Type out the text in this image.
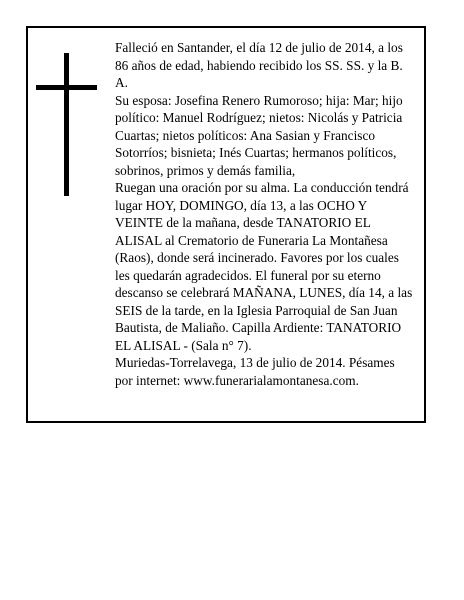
Falleció en Santander, el día 12 de julio de 2014, a los 86 años de edad, habiendo recibido los SS. SS. y la B. A.

Su esposa: Josefina Renero Rumoroso; hija: Mar; hijo político: Manuel Rodríguez; nietos: Nicolás y Patricia Cuartas; nietos políticos: Ana Sasian y Francisco Sotorríos; bisnieta; Inés Cuartas; hermanos políticos, sobrinos, primos y demás familia,

Ruegan una oración por su alma. La conducción tendrá lugar HOY, DOMINGO, día 13, a las OCHO Y VEINTE de la mañana, desde TANATORIO EL ALISAL al Crematorio de Funeraria La Montañesa (Raos), donde será incinerado. Favores por los cuales les quedarán agradecidos. El funeral por su eterno descanso se celebrará MAÑANA, LUNES, día 14, a las SEIS de la tarde, en la Iglesia Parroquial de San Juan Bautista, de Maliaño. Capilla Ardiente: TANATORIO EL ALISAL - (Sala n° 7).

Muriedas-Torrelavega, 13 de julio de 2014. Pésames por internet: www.funerarialamontanesa.com.
